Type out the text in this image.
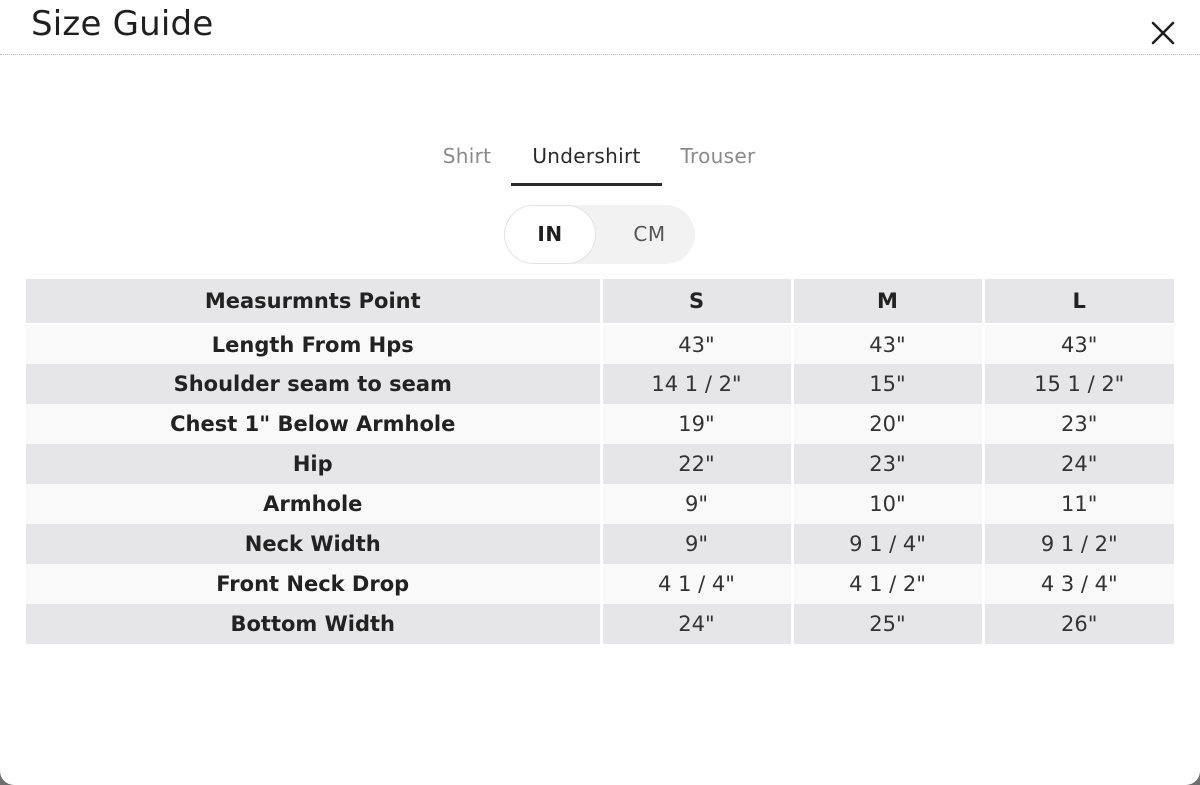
Size Guide
Shirt	Undershirt	Trouser
IN	CM
Measurmnts Point	S	M	L
Length From Hps	43"	43"	43"
Shoulder seam to seam	14 1 / 2"	15"	15 1 / 2"
Chest 1" Below Armhole	19"	20"	23"
Hip	22"	23"	24"
Armhole	9"	10"	11"
Neck Width	9"	9 1 / 4"	9 1 / 2"
Front Neck Drop	4 1 / 4"	4 1 / 2"	4 3 / 4"
Bottom Width	24"	25"	26"
